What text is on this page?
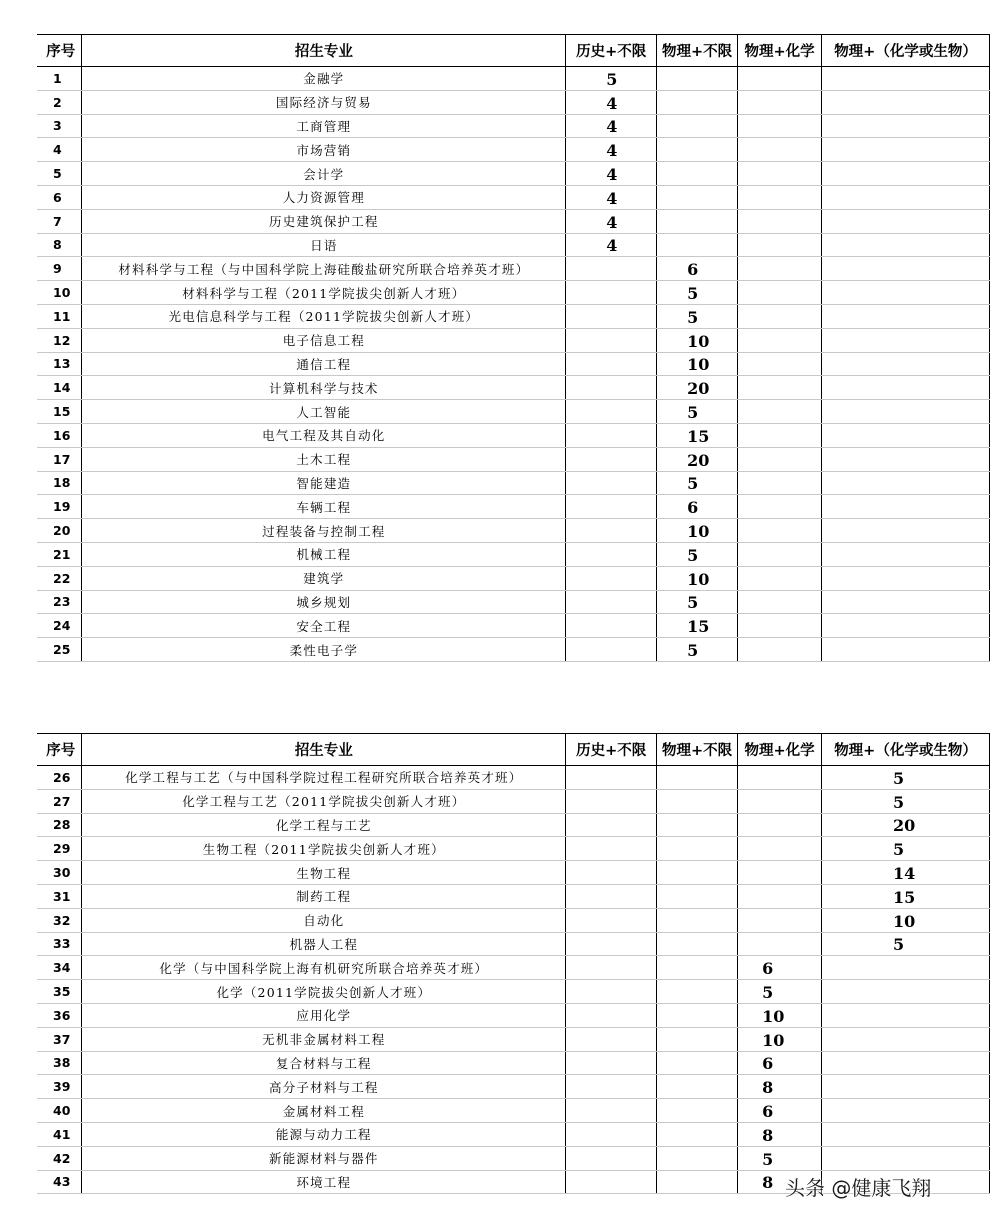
序号	招生专业	历史+不限	物理+不限	物理+化学	物理+（化学或生物）
1	金融学	5			
2	国际经济与贸易	4			
3	工商管理	4			
4	市场营销	4			
5	会计学	4			
6	人力资源管理	4			
7	历史建筑保护工程	4			
8	日语	4			
9	材料科学与工程（与中国科学院上海硅酸盐研究所联合培养英才班）		6		
10	材料科学与工程（2011学院拔尖创新人才班）		5		
11	光电信息科学与工程（2011学院拔尖创新人才班）		5		
12	电子信息工程		10		
13	通信工程		10		
14	计算机科学与技术		20		
15	人工智能		5		
16	电气工程及其自动化		15		
17	土木工程		20		
18	智能建造		5		
19	车辆工程		6		
20	过程装备与控制工程		10		
21	机械工程		5		
22	建筑学		10		
23	城乡规划		5		
24	安全工程		15		
25	柔性电子学		5		
序号	招生专业	历史+不限	物理+不限	物理+化学	物理+（化学或生物）
26	化学工程与工艺（与中国科学院过程工程研究所联合培养英才班）				5
27	化学工程与工艺（2011学院拔尖创新人才班）				5
28	化学工程与工艺				20
29	生物工程（2011学院拔尖创新人才班）				5
30	生物工程				14
31	制药工程				15
32	自动化				10
33	机器人工程				5
34	化学（与中国科学院上海有机研究所联合培养英才班）			6	
35	化学（2011学院拔尖创新人才班）			5	
36	应用化学			10	
37	无机非金属材料工程			10	
38	复合材料与工程			6	
39	高分子材料与工程			8	
40	金属材料工程			6	
41	能源与动力工程			8	
42	新能源材料与器件			5	
43	环境工程			8	头条 @健康飞翔
